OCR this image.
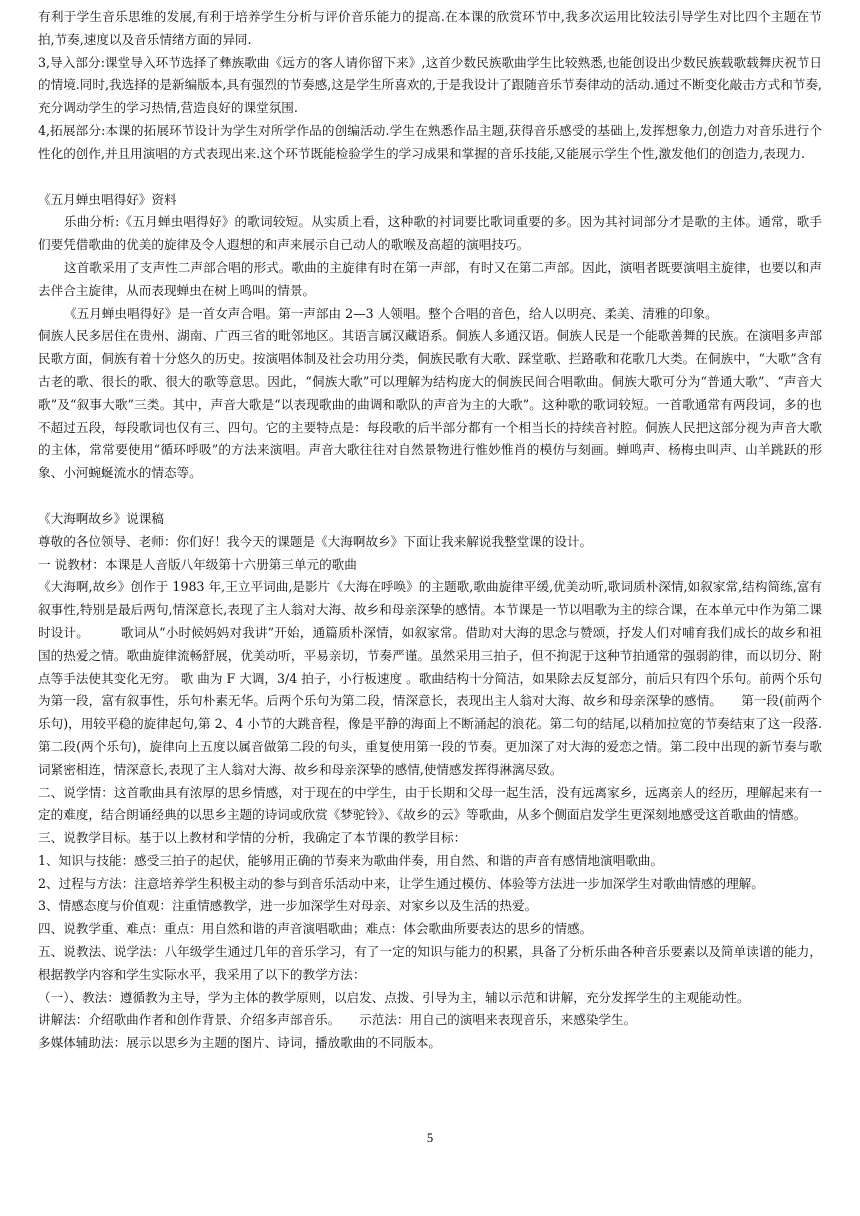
有利于学生音乐思维的发展,有利于培养学生分析与评价音乐能力的提高.在本课的欣赏环节中,我多次运用比较法引导学生对比四个主题在节拍,节奏,速度以及音乐情绪方面的异同.

3,导入部分:课堂导入环节选择了彝族歌曲《远方的客人请你留下来》,这首少数民族歌曲学生比较熟悉,也能创设出少数民族载歌载舞庆祝节日的情境.同时,我选择的是新编版本,具有强烈的节奏感,这是学生所喜欢的,于是我设计了跟随音乐节奏律动的活动.通过不断变化敲击方式和节奏,充分调动学生的学习热情,营造良好的课堂氛围.

4,拓展部分:本课的拓展环节设计为学生对所学作品的创编活动.学生在熟悉作品主题,获得音乐感受的基础上,发挥想象力,创造力对音乐进行个性化的创作,并且用演唱的方式表现出来.这个环节既能检验学生的学习成果和掌握的音乐技能,又能展示学生个性,激发他们的创造力,表现力.

《五月蝉虫唱得好》资料

乐曲分析:《五月蝉虫唱得好》的歌词较短。从实质上看，这种歌的衬词要比歌词重要的多。因为其衬词部分才是歌的主体。通常，歌手们要凭借歌曲的优美的旋律及令人遐想的和声来展示自己动人的歌喉及高超的演唱技巧。

这首歌采用了支声性二声部合唱的形式。歌曲的主旋律有时在第一声部，有时又在第二声部。因此，演唱者既要演唱主旋律，也要以和声去伴合主旋律，从而表现蝉虫在树上鸣叫的情景。

《五月蝉虫唱得好》是一首女声合唱。第一声部由 2—3 人领唱。整个合唱的音色，给人以明亮、柔美、清雅的印象。

侗族人民多居住在贵州、湖南、广西三省的毗邻地区。其语言属汉藏语系。侗族人多通汉语。侗族人民是一个能歌善舞的民族。在演唱多声部民歌方面，侗族有着十分悠久的历史。按演唱体制及社会功用分类，侗族民歌有大歌、踩堂歌、拦路歌和花歌几大类。在侗族中，“大歌”含有古老的歌、很长的歌、很大的歌等意思。因此，“侗族大歌”可以理解为结构庞大的侗族民间合唱歌曲。侗族大歌可分为“普通大歌”、“声音大歌”及“叙事大歌”三类。其中，声音大歌是“以表现歌曲的曲调和歌队的声音为主的大歌”。这种歌的歌词较短。一首歌通常有两段词，多的也不超过五段，每段歌词也仅有三、四句。它的主要特点是：每段歌的后半部分都有一个相当长的持续音衬腔。侗族人民把这部分视为声音大歌的主体，常常要使用“循环呼吸”的方法来演唱。声音大歌往往对自然景物进行惟妙惟肖的模仿与刻画。蝉鸣声、杨梅虫叫声、山羊跳跃的形象、小河蜿蜒流水的情态等。

《大海啊故乡》说课稿

尊敬的各位领导、老师：你们好！我今天的课题是《大海啊故乡》下面让我来解说我整堂课的设计。

一 说教材：本课是人音版八年级第十六册第三单元的歌曲

《大海啊,故乡》创作于 1983 年,王立平词曲,是影片《大海在呼唤》的主题歌,歌曲旋律平缓,优美动听,歌词质朴深情,如叙家常,结构简练,富有叙事性,特别是最后两句,情深意长,表现了主人翁对大海、故乡和母亲深挚的感情。本节课是一节以唱歌为主的综合课，在本单元中作为第二课时设计。　　　歌词从“小时候妈妈对我讲”开始，通篇质朴深情，如叙家常。借助对大海的思念与赞颂，抒发人们对哺育我们成长的故乡和祖国的热爱之情。歌曲旋律流畅舒展，优美动听，平易亲切，节奏严谨。虽然采用三拍子，但不拘泥于这种节拍通常的强弱韵律，而以切分、附点等手法使其变化无穷。 歌 曲为 F 大调，3/4 拍子，小行板速度 。歌曲结构十分简洁，如果除去反复部分，前后只有四个乐句。前两个乐句为第一段，富有叙事性，乐句朴素无华。后两个乐句为第二段，情深意长，表现出主人翁对大海、故乡和母亲深挚的感情。　　第一段(前两个乐句)，用较平稳的旋律起句,第 2、4 小节的大跳音程，像是平静的海面上不断涌起的浪花。第二句的结尾,以稍加拉宽的节奏结束了这一段落.第二段(两个乐句)，旋律向上五度以属音做第二段的句头，重复使用第一段的节奏。更加深了对大海的爱恋之情。第二段中出现的新节奏与歌词紧密相连，情深意长,表现了主人翁对大海、故乡和母亲深挚的感情,使情感发挥得淋漓尽致。

二、说学情：这首歌曲具有浓厚的思乡情感，对于现在的中学生，由于长期和父母一起生活，没有远离家乡，远离亲人的经历，理解起来有一定的难度，结合朗诵经典的以思乡主题的诗词或欣赏《梦驼铃》、《故乡的云》等歌曲，从多个侧面启发学生更深刻地感受这首歌曲的情感。

三、说教学目标。基于以上教材和学情的分析，我确定了本节课的教学目标：

1、知识与技能：感受三拍子的起伏，能够用正确的节奏来为歌曲伴奏，用自然、和谐的声音有感情地演唱歌曲。

2、过程与方法：注意培养学生积极主动的参与到音乐活动中来，让学生通过模仿、体验等方法进一步加深学生对歌曲情感的理解。

3、情感态度与价值观：注重情感教学，进一步加深学生对母亲、对家乡以及生活的热爱。

四、说教学重、难点：重点：用自然和谐的声音演唱歌曲；难点：体会歌曲所要表达的思乡的情感。

五、说教法、说学法：八年级学生通过几年的音乐学习，有了一定的知识与能力的积累，具备了分析乐曲各种音乐要素以及简单读谱的能力，根据教学内容和学生实际水平，我采用了以下的教学方法：

（一）、教法：遵循教为主导，学为主体的教学原则，以启发、点拨、引导为主，辅以示范和讲解，充分发挥学生的主观能动性。

讲解法：介绍歌曲作者和创作背景、介绍多声部音乐。　　示范法：用自己的演唱来表现音乐，来感染学生。

多媒体辅助法：展示以思乡为主题的图片、诗词，播放歌曲的不同版本。

5
